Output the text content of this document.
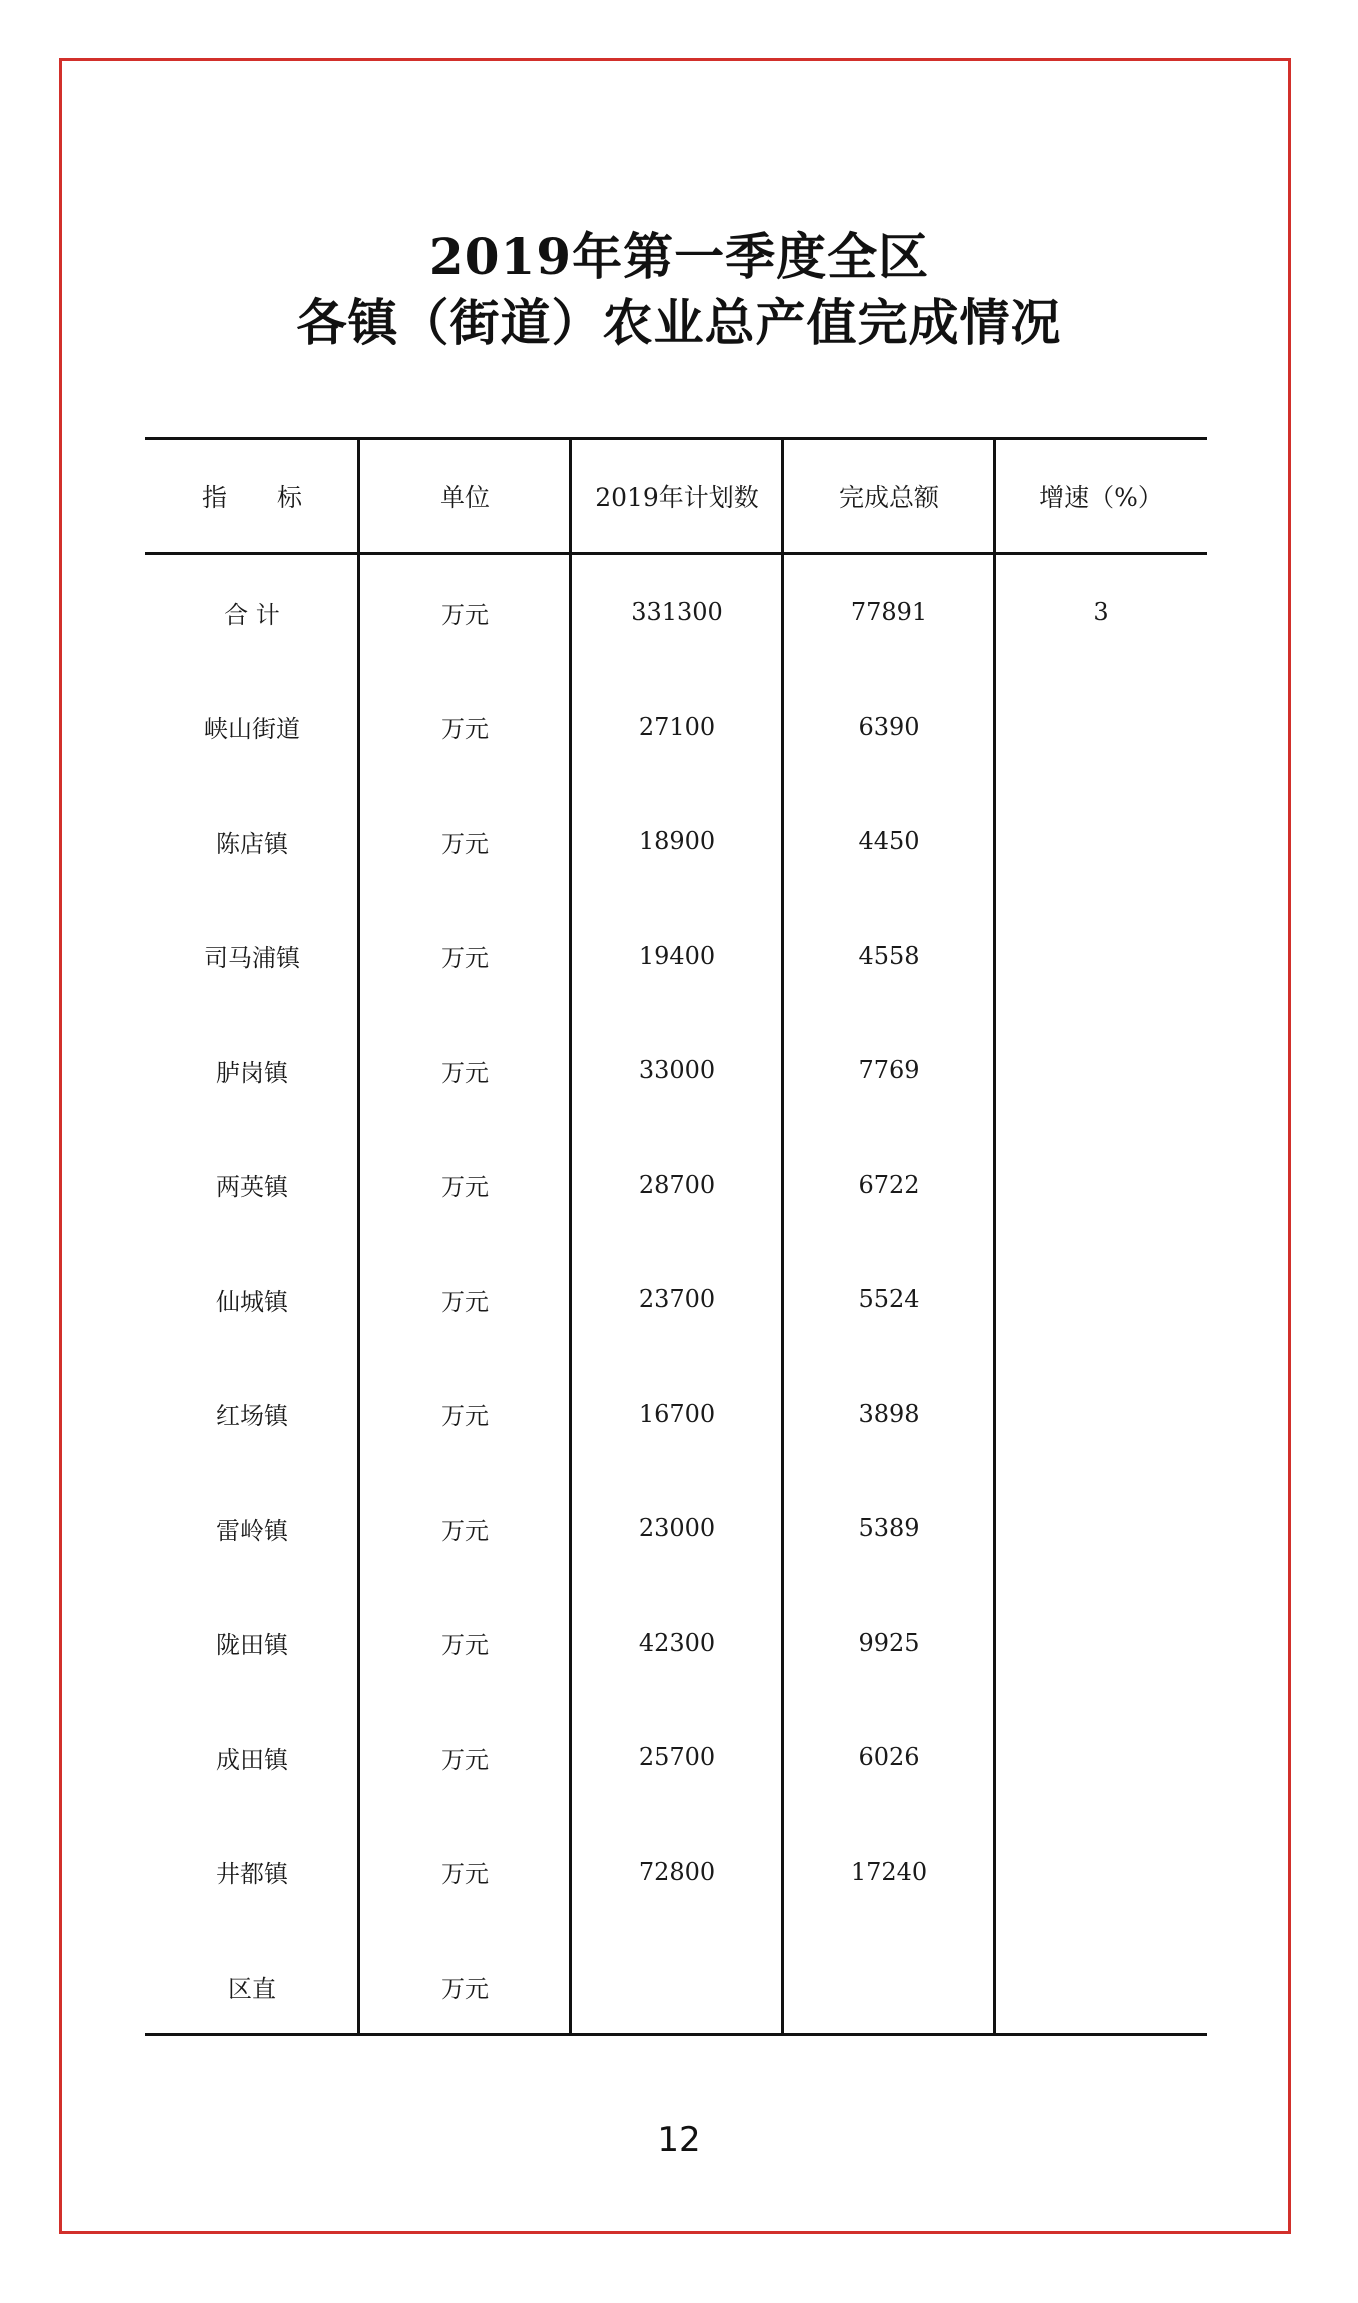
2019年第一季度全区
各镇（街道）农业总产值完成情况
指　　标	单位	2019年计划数	完成总额	增速（%）
合 计	万元	331300	77891	3
峡山街道	万元	27100	6390
陈店镇	万元	18900	4450
司马浦镇	万元	19400	4558
胪岗镇	万元	33000	7769
两英镇	万元	28700	6722
仙城镇	万元	23700	5524
红场镇	万元	16700	3898
雷岭镇	万元	23000	5389
陇田镇	万元	42300	9925
成田镇	万元	25700	6026
井都镇	万元	72800	17240
区直	万元
12
